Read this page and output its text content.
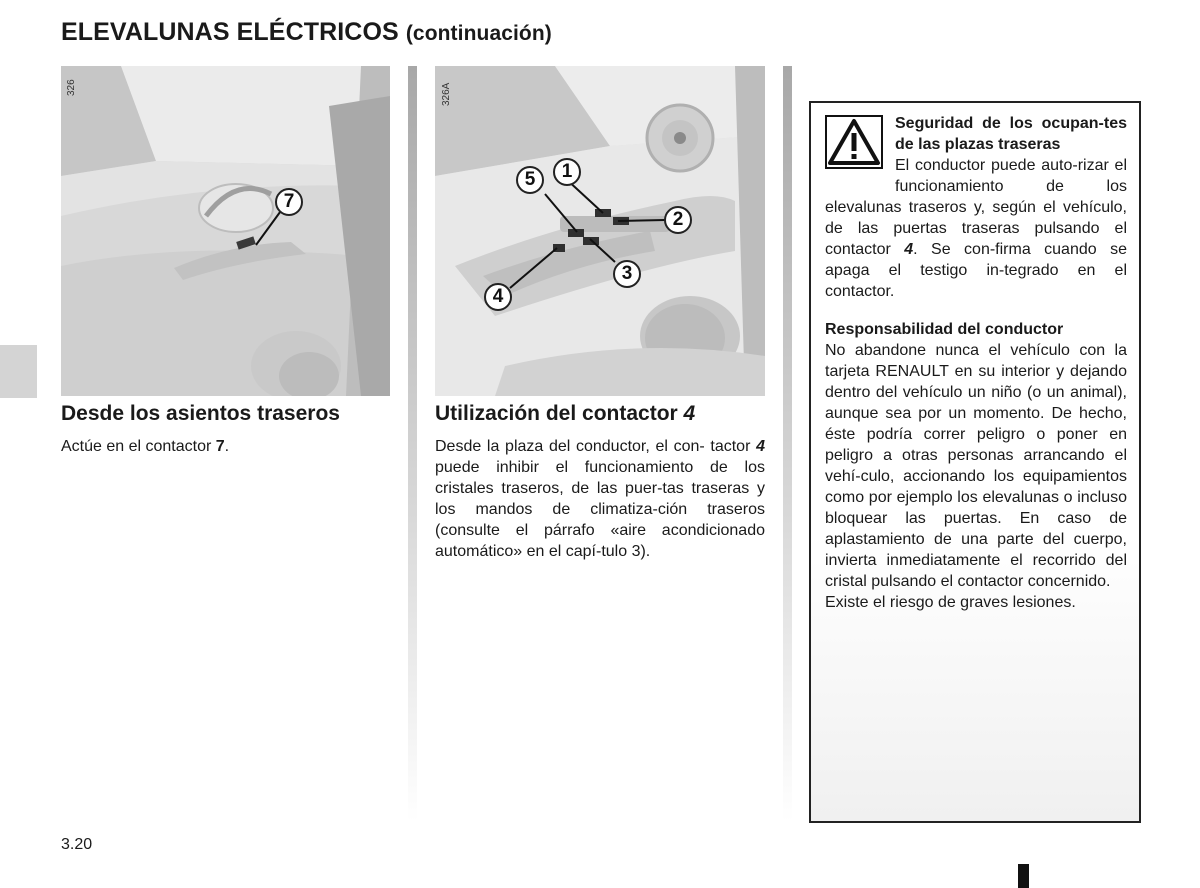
ELEVALUNAS ELÉCTRICOS (continuación)
7
326
1
2
3
4
5
326A
Desde los asientos traseros
Actúe en el contactor 7.
Utilización del contactor 4
Desde la plaza del conductor, el con- tactor 4 puede inhibir el funcionamiento de los cristales traseros, de las puer-tas traseras y los mandos de climatiza-ción traseros (consulte el párrafo «aire acondicionado automático» en el capí-tulo 3).

Seguridad de los ocupan-tes de las plazas traseras

El conductor puede auto-rizar el funcionamiento de los elevalunas traseros y, según el vehículo, de las puertas traseras pulsando el contactor 4. Se con-firma cuando se apaga el testigo in-tegrado en el contactor.

Responsabilidad del conductor

No abandone nunca el vehículo con la tarjeta RENAULT en su interior y dejando dentro del vehículo un niño (o un animal), aunque sea por un momento. De hecho, éste podría correr peligro o poner en peligro a otras personas arrancando el vehí-culo, accionando los equipamientos como por ejemplo los elevalunas o incluso bloquear las puertas. En caso de aplastamiento de una parte del cuerpo, invierta inmediatamente el recorrido del cristal pulsando el contactor concernido.

Existe el riesgo de graves lesiones.

3.20
